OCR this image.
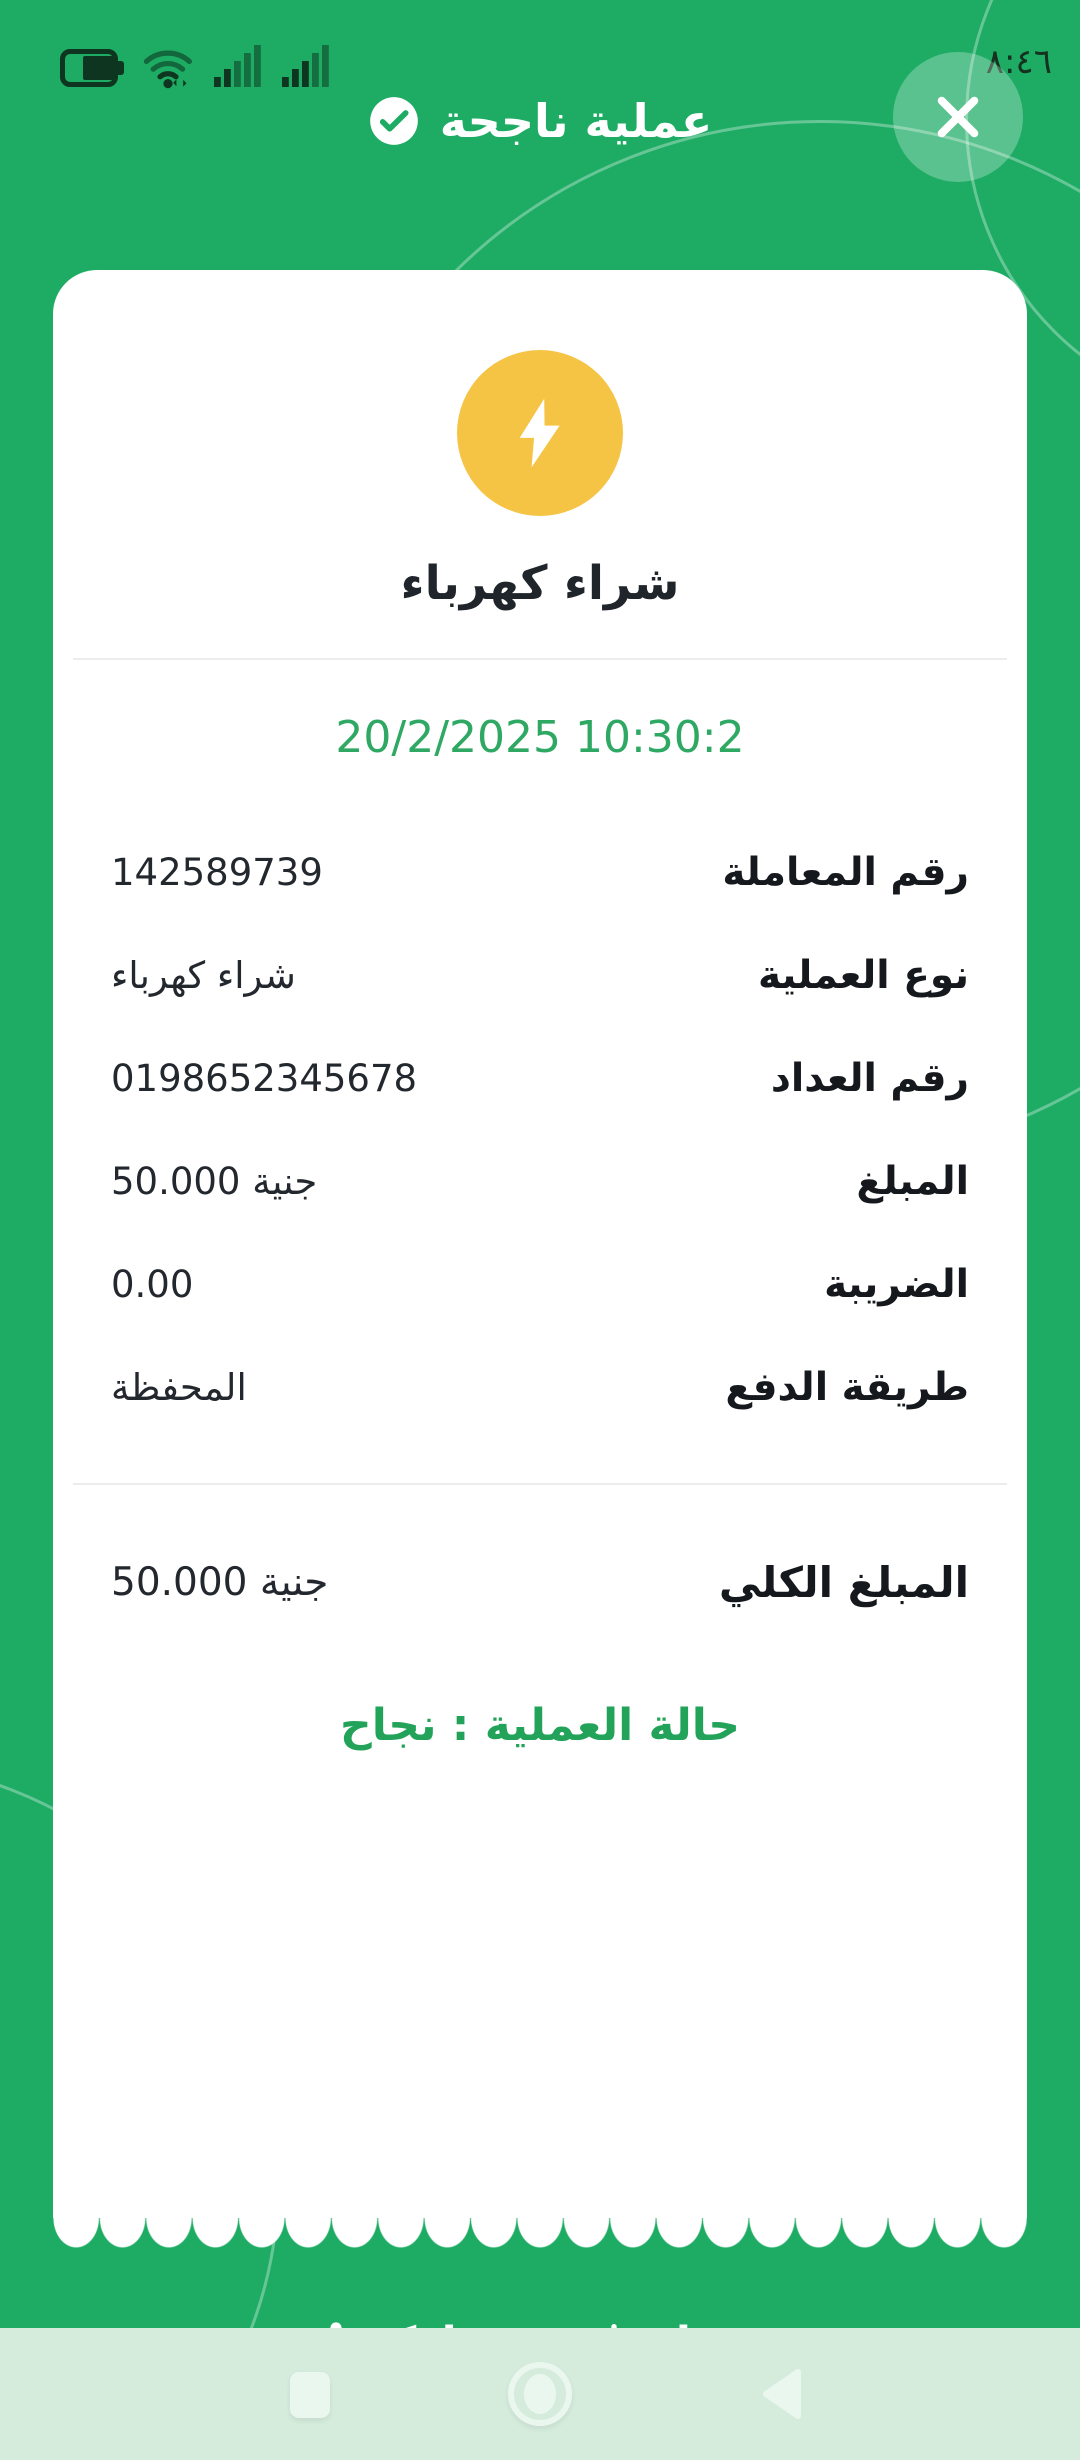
٨:٤٦
عملية ناجحة
شراء كهرباء
20/2/2025 10:30:2
142589739	رقم المعاملة
شراء كهرباء	نوع العملية
0198652345678	رقم العداد
50.000 جنية	المبلغ
0.00	الضريبة
المحفظة	طريقة الدفع
50.000 جنية	المبلغ الكلي
حالة العملية : نجاح
